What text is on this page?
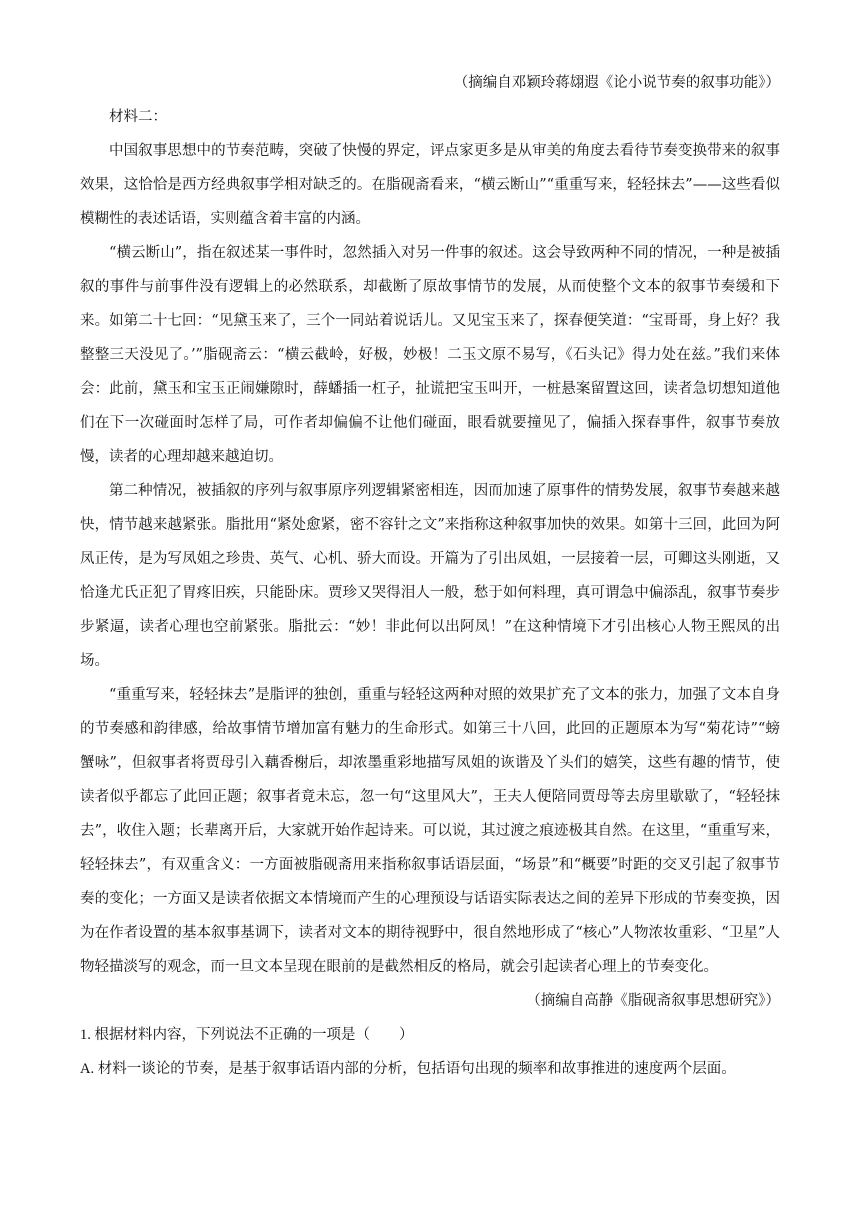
（摘编自邓颖玲蒋翃遐《论小说节奏的叙事功能》）
材料二：

中国叙事思想中的节奏范畴，突破了快慢的界定，评点家更多是从审美的角度去看待节奏变换带来的叙事效果，这恰恰是西方经典叙事学相对缺乏的。在脂砚斋看来，“横云断山”“重重写来，轻轻抹去”——这些看似模糊性的表述话语，实则蕴含着丰富的内涵。

“横云断山”，指在叙述某一事件时，忽然插入对另一件事的叙述。这会导致两种不同的情况，一种是被插叙的事件与前事件没有逻辑上的必然联系，却截断了原故事情节的发展，从而使整个文本的叙事节奏缓和下来。如第二十七回：“见黛玉来了，三个一同站着说话儿。又见宝玉来了，探春便笑道：“宝哥哥，身上好？我整整三天没见了。’”脂砚斋云：“横云截岭，好极，妙极！二玉文原不易写，《石头记》得力处在兹。”我们来体会：此前，黛玉和宝玉正闹嫌隙时，薛蟠插一杠子，扯谎把宝玉叫开，一桩悬案留置这回，读者急切想知道他们在下一次碰面时怎样了局，可作者却偏偏不让他们碰面，眼看就要撞见了，偏插入探春事件，叙事节奏放慢，读者的心理却越来越迫切。

第二种情况，被插叙的序列与叙事原序列逻辑紧密相连，因而加速了原事件的情势发展，叙事节奏越来越快，情节越来越紧张。脂批用“紧处愈紧，密不容针之文”来指称这种叙事加快的效果。如第十三回，此回为阿凤正传，是为写凤姐之珍贵、英气、心机、骄大而设。开篇为了引出凤姐，一层接着一层，可卿这头刚逝，又恰逢尤氏正犯了胃疼旧疾，只能卧床。贾珍又哭得泪人一般，愁于如何料理，真可谓急中偏添乱，叙事节奏步步紧逼，读者心理也空前紧张。脂批云：“妙！非此何以出阿凤！”在这种情境下才引出核心人物王熙凤的出场。

“重重写来，轻轻抹去”是脂评的独创，重重与轻轻这两种对照的效果扩充了文本的张力，加强了文本自身的节奏感和韵律感，给故事情节增加富有魅力的生命形式。如第三十八回，此回的正题原本为写“菊花诗”“螃蟹咏”，但叙事者将贾母引入藕香榭后，却浓墨重彩地描写凤姐的诙谐及丫头们的嬉笑，这些有趣的情节，使读者似乎都忘了此回正题；叙事者竟未忘，忽一句“这里风大”，王夫人便陪同贾母等去房里歇歇了，“轻轻抹去”，收住入题；长辈离开后，大家就开始作起诗来。可以说，其过渡之痕迹极其自然。在这里，“重重写来，轻轻抹去”，有双重含义：一方面被脂砚斋用来指称叙事话语层面，“场景”和“概要”时距的交叉引起了叙事节奏的变化；一方面又是读者依据文本情境而产生的心理预设与话语实际表达之间的差异下形成的节奏变换，因为在作者设置的基本叙事基调下，读者对文本的期待视野中，很自然地形成了“核心”人物浓妆重彩、“卫星”人物轻描淡写的观念，而一旦文本呈现在眼前的是截然相反的格局，就会引起读者心理上的节奏变化。

（摘编自高静《脂砚斋叙事思想研究》）

1. 根据材料内容，下列说法不正确的一项是（　　）

A. 材料一谈论的节奏，是基于叙事话语内部的分析，包括语句出现的频率和故事推进的速度两个层面。
